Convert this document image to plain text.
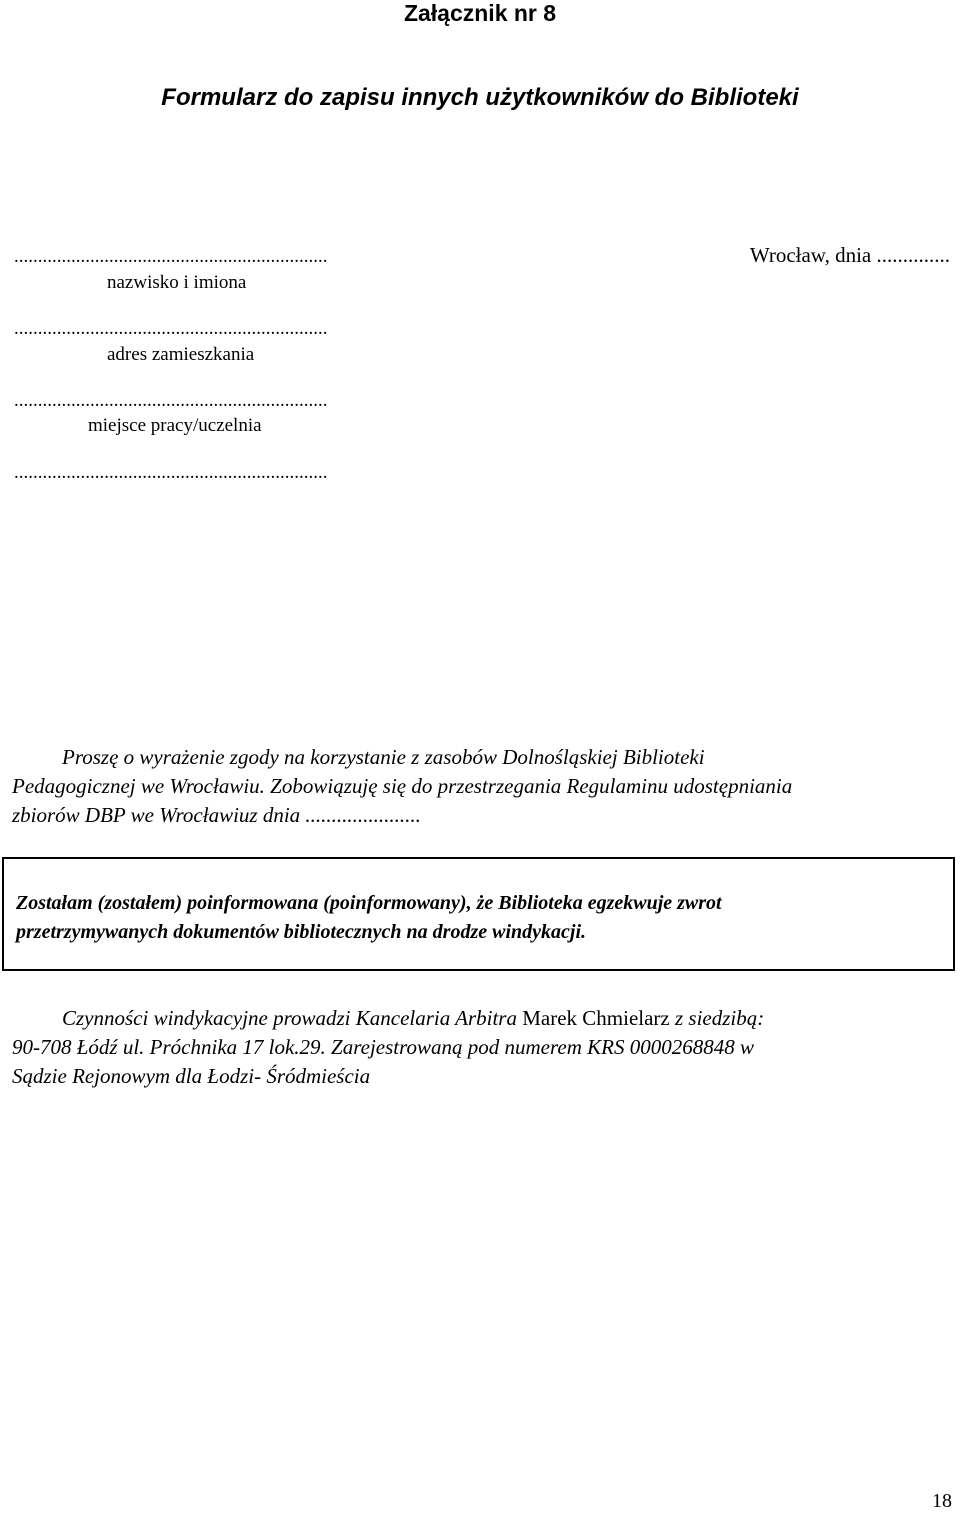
Załącznik nr 8
Formularz do zapisu innych użytkowników do Biblioteki
..................................................................
nazwisko i imiona
..................................................................
adres zamieszkania
..................................................................
miejsce pracy/uczelnia
..................................................................
Wrocław, dnia ..............
Proszę o wyrażenie zgody na korzystanie z zasobów Dolnośląskiej Biblioteki
Pedagogicznej we Wrocławiu. Zobowiązuję się do przestrzegania Regulaminu udostępniania
zbiorów DBP we Wrocławiuz dnia ......................
Zostałam (zostałem) poinformowana (poinformowany), że Biblioteka egzekwuje zwrot
przetrzymywanych dokumentów bibliotecznych na drodze windykacji.
Czynności windykacyjne prowadzi Kancelaria Arbitra Marek Chmielarz z siedzibą:
90-708 Łódź ul. Próchnika 17 lok.29. Zarejestrowaną pod numerem KRS 0000268848 w
Sądzie Rejonowym dla Łodzi- Śródmieścia
18
